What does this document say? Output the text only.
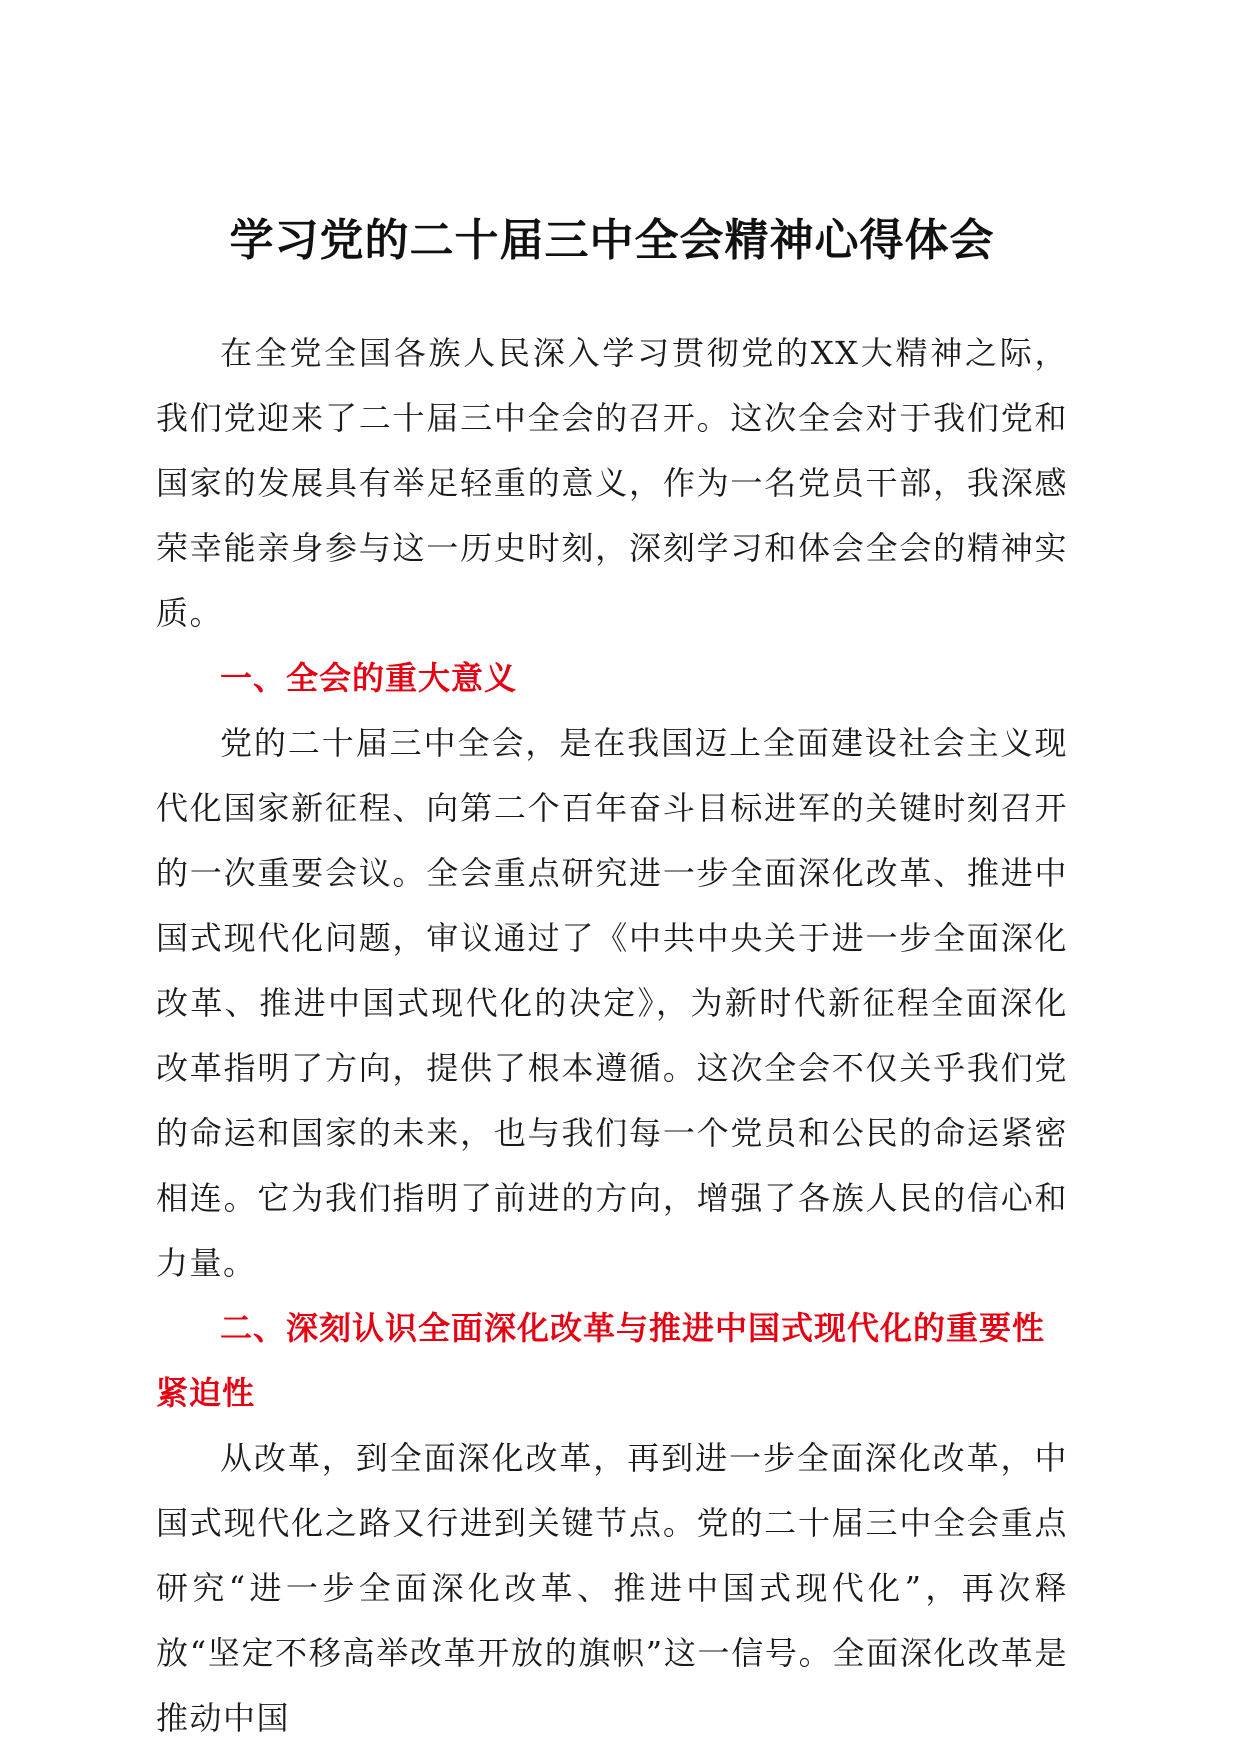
学习党的二十届三中全会精神心得体会

在全党全国各族人民深入学习贯彻党的XX大精神之际，我们党迎来了二十届三中全会的召开。这次全会对于我们党和国家的发展具有举足轻重的意义，作为一名党员干部，我深感荣幸能亲身参与这一历史时刻，深刻学习和体会全会的精神实质。

一、全会的重大意义

党的二十届三中全会，是在我国迈上全面建设社会主义现代化国家新征程、向第二个百年奋斗目标进军的关键时刻召开的一次重要会议。全会重点研究进一步全面深化改革、推进中国式现代化问题，审议通过了《中共中央关于进一步全面深化改革、推进中国式现代化的决定》，为新时代新征程全面深化改革指明了方向，提供了根本遵循。这次全会不仅关乎我们党的命运和国家的未来，也与我们每一个党员和公民的命运紧密相连。它为我们指明了前进的方向，增强了各族人民的信心和力量。

二、深刻认识全面深化改革与推进中国式现代化的重要性紧迫性

从改革，到全面深化改革，再到进一步全面深化改革，中国式现代化之路又行进到关键节点。党的二十届三中全会重点研究“进一步全面深化改革、推进中国式现代化”，再次释放“坚定不移高举改革开放的旗帜”这一信号。全面深化改革是推动中国
